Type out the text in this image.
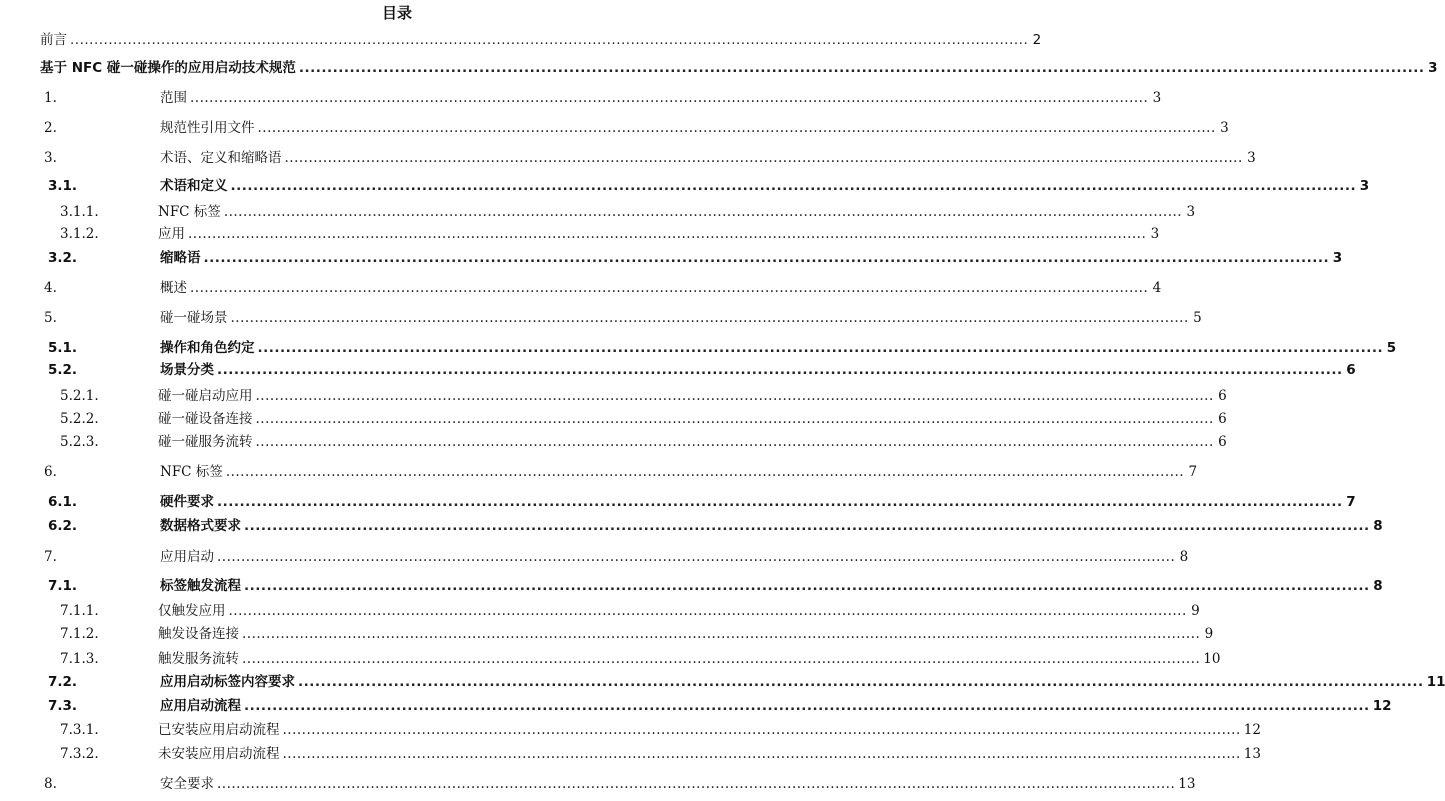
目录
前言 ........................................................................................................................................................................................................ 2
基于 NFC 碰一碰操作的应用启动技术规范 ........................................................................................................................................................................................................ 3
1.	范围 ........................................................................................................................................................................................................ 3
2.	规范性引用文件 ........................................................................................................................................................................................................ 3
3.	术语、定义和缩略语 ........................................................................................................................................................................................................ 3
3.1.	术语和定义 ........................................................................................................................................................................................................ 3
3.1.1.	NFC 标签 ........................................................................................................................................................................................................ 3
3.1.2.	应用 ........................................................................................................................................................................................................ 3
3.2.	缩略语 ........................................................................................................................................................................................................ 3
4.	概述 ........................................................................................................................................................................................................ 4
5.	碰一碰场景 ........................................................................................................................................................................................................ 5
5.1.	操作和角色约定 ........................................................................................................................................................................................................ 5
5.2.	场景分类 ........................................................................................................................................................................................................ 6
5.2.1.	碰一碰启动应用 ........................................................................................................................................................................................................ 6
5.2.2.	碰一碰设备连接 ........................................................................................................................................................................................................ 6
5.2.3.	碰一碰服务流转 ........................................................................................................................................................................................................ 6
6.	NFC 标签 ........................................................................................................................................................................................................ 7
6.1.	硬件要求 ........................................................................................................................................................................................................ 7
6.2.	数据格式要求 ........................................................................................................................................................................................................ 8
7.	应用启动 ........................................................................................................................................................................................................ 8
7.1.	标签触发流程 ........................................................................................................................................................................................................ 8
7.1.1.	仅触发应用 ........................................................................................................................................................................................................ 9
7.1.2.	触发设备连接 ........................................................................................................................................................................................................ 9
7.1.3.	触发服务流转 ........................................................................................................................................................................................................ 10
7.2.	应用启动标签内容要求 ........................................................................................................................................................................................................ 11
7.3.	应用启动流程 ........................................................................................................................................................................................................ 12
7.3.1.	已安装应用启动流程 ........................................................................................................................................................................................................ 12
7.3.2.	未安装应用启动流程 ........................................................................................................................................................................................................ 13
8.	安全要求 ........................................................................................................................................................................................................ 13
